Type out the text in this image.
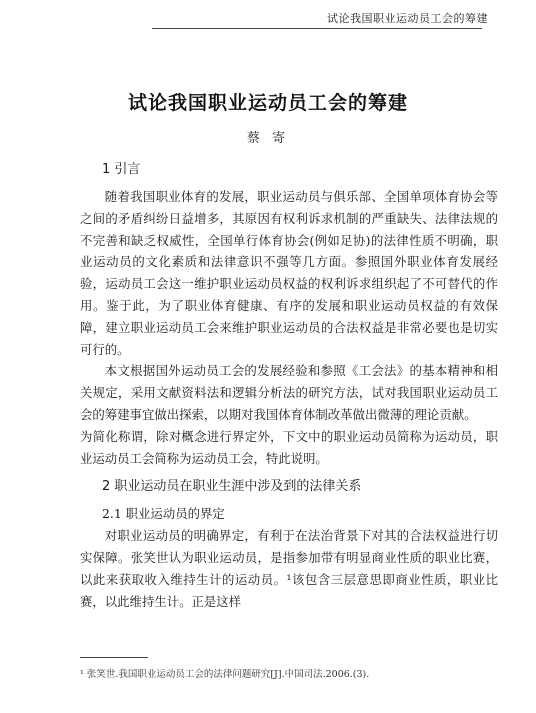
试论我国职业运动员工会的筹建
试论我国职业运动员工会的筹建
蔡 寄
1 引言

随着我国职业体育的发展，职业运动员与俱乐部、全国单项体育协会等之间的矛盾纠纷日益增多，其原因有权利诉求机制的严重缺失、法律法规的不完善和缺乏权威性，全国单行体育协会(例如足协)的法律性质不明确，职业运动员的文化素质和法律意识不强等几方面。参照国外职业体育发展经验，运动员工会这一维护职业运动员权益的权利诉求组织起了不可替代的作用。鉴于此，为了职业体育健康、有序的发展和职业运动员权益的有效保障，建立职业运动员工会来维护职业运动员的合法权益是非常必要也是切实可行的。

本文根据国外运动员工会的发展经验和参照《工会法》的基本精神和相关规定，采用文献资料法和逻辑分析法的研究方法，试对我国职业运动员工会的筹建事宜做出探索，以期对我国体育体制改革做出微薄的理论贡献。

为简化称谓，除对概念进行界定外，下文中的职业运动员简称为运动员，职业运动员工会简称为运动员工会，特此说明。

2 职业运动员在职业生涯中涉及到的法律关系
2.1 职业运动员的界定

对职业运动员的明确界定，有利于在法治背景下对其的合法权益进行切实保障。张笑世认为职业运动员，是指参加带有明显商业性质的职业比赛，以此来获取收入维持生计的运动员。¹该包含三层意思即商业性质，职业比赛，以此维持生计。正是这样

¹ 张笑世.我国职业运动员工会的法律问题研究[J].中国司法.2006.(3).
